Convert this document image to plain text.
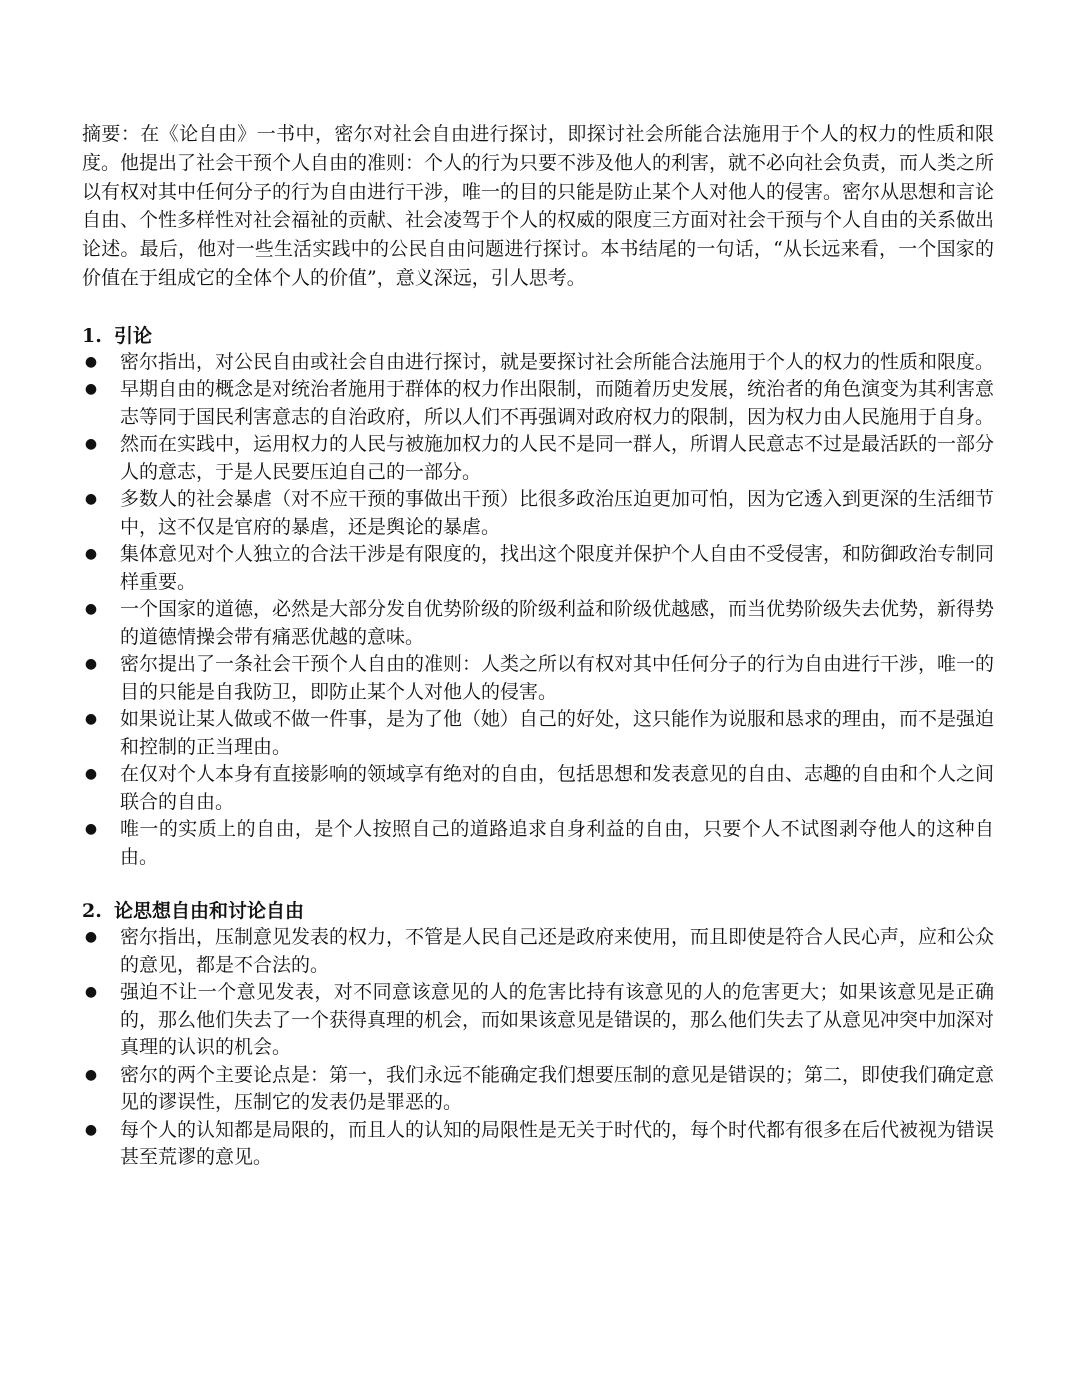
摘要：在《论自由》一书中，密尔对社会自由进行探讨，即探讨社会所能合法施用于个人的权力的性质和限度。他提出了社会干预个人自由的准则：个人的行为只要不涉及他人的利害，就不必向社会负责，而人类之所以有权对其中任何分子的行为自由进行干涉，唯一的目的只能是防止某个人对他人的侵害。密尔从思想和言论自由、个性多样性对社会福祉的贡献、社会凌驾于个人的权威的限度三方面对社会干预与个人自由的关系做出论述。最后，他对一些生活实践中的公民自由问题进行探讨。本书结尾的一句话，“从长远来看，一个国家的价值在于组成它的全体个人的价值”，意义深远，引人思考。

1. 引论
● 密尔指出，对公民自由或社会自由进行探讨，就是要探讨社会所能合法施用于个人的权力的性质和限度。
● 早期自由的概念是对统治者施用于群体的权力作出限制，而随着历史发展，统治者的角色演变为其利害意志等同于国民利害意志的自治政府，所以人们不再强调对政府权力的限制，因为权力由人民施用于自身。
● 然而在实践中，运用权力的人民与被施加权力的人民不是同一群人，所谓人民意志不过是最活跃的一部分人的意志，于是人民要压迫自己的一部分。
● 多数人的社会暴虐（对不应干预的事做出干预）比很多政治压迫更加可怕，因为它透入到更深的生活细节中，这不仅是官府的暴虐，还是舆论的暴虐。
● 集体意见对个人独立的合法干涉是有限度的，找出这个限度并保护个人自由不受侵害，和防御政治专制同样重要。
● 一个国家的道德，必然是大部分发自优势阶级的阶级利益和阶级优越感，而当优势阶级失去优势，新得势的道德情操会带有痛恶优越的意味。
● 密尔提出了一条社会干预个人自由的准则：人类之所以有权对其中任何分子的行为自由进行干涉，唯一的目的只能是自我防卫，即防止某个人对他人的侵害。
● 如果说让某人做或不做一件事，是为了他（她）自己的好处，这只能作为说服和恳求的理由，而不是强迫和控制的正当理由。
● 在仅对个人本身有直接影响的领域享有绝对的自由，包括思想和发表意见的自由、志趣的自由和个人之间联合的自由。
● 唯一的实质上的自由，是个人按照自己的道路追求自身利益的自由，只要个人不试图剥夺他人的这种自由。
2. 论思想自由和讨论自由
● 密尔指出，压制意见发表的权力，不管是人民自己还是政府来使用，而且即使是符合人民心声，应和公众的意见，都是不合法的。
● 强迫不让一个意见发表，对不同意该意见的人的危害比持有该意见的人的危害更大；如果该意见是正确的，那么他们失去了一个获得真理的机会，而如果该意见是错误的，那么他们失去了从意见冲突中加深对真理的认识的机会。
● 密尔的两个主要论点是：第一，我们永远不能确定我们想要压制的意见是错误的；第二，即使我们确定意见的谬误性，压制它的发表仍是罪恶的。
● 每个人的认知都是局限的，而且人的认知的局限性是无关于时代的，每个时代都有很多在后代被视为错误甚至荒谬的意见。
